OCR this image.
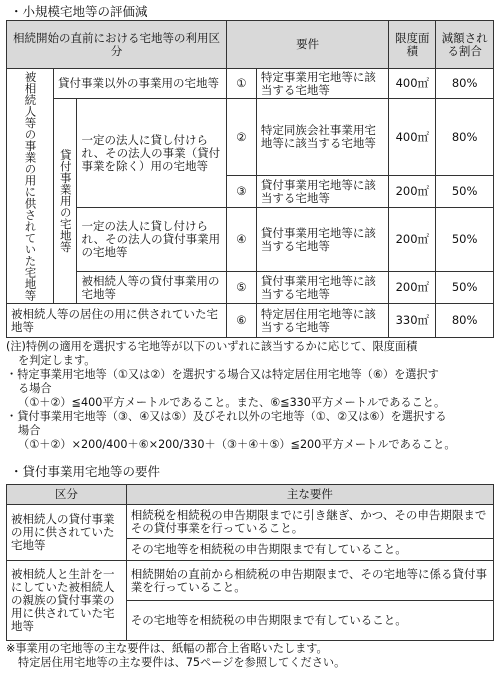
・小規模宅地等の評価減
相続開始の直前における宅地等の利用区分			要件		限度面積	減額される割合
被相続人等の事業の用に供されていた宅地等	貸付事業以外の事業用の宅地等		①	特定事業用宅地等に該当する宅地等	400㎡	80%
	貸付事業用の宅地等	一定の法人に貸し付けられ、その法人の事業（貸付事業を除く）用の宅地等	②	特定同族会社事業用宅地等に該当する宅地等	400㎡	80%
			③	貸付事業用宅地等に該当する宅地等	200㎡	50%
		一定の法人に貸し付けられ、その法人の貸付事業用の宅地等	④	貸付事業用宅地等に該当する宅地等	200㎡	50%
		被相続人等の貸付事業用の宅地等	⑤	貸付事業用宅地等に該当する宅地等	200㎡	50%
被相続人等の居住の用に供されていた宅地等			⑥	特定居住用宅地等に該当する宅地等	330㎡	80%

(注)特例の適用を選択する宅地等が以下のいずれに該当するかに応じて、限度面積

を判定します。

・特定事業用宅地等（①又は②）を選択する場合又は特定居住用宅地等（⑥）を選択す

る場合

（①＋②）≦400平方メートルであること。また、⑥≦330平方メートルであること。

・貸付事業用宅地等（③、④又は⑤）及びそれ以外の宅地等（①、②又は⑥）を選択する

場合

（①＋②）×200/400＋⑥×200/330＋（③＋④＋⑤）≦200平方メートルであること。

・貸付事業用宅地等の要件
区分	主な要件
被相続人の貸付事業の用に供されていた宅地等	相続税を相続税の申告期限までに引き継ぎ、かつ、その申告期限までその貸付事業を行っていること。
	その宅地等を相続税の申告期限まで有していること。
被相続人と生計を一にしていた被相続人の親族の貸付事業の用に供されていた宅地等	相続開始の直前から相続税の申告期限まで、その宅地等に係る貸付事業を行っていること。
	その宅地等を相続税の申告期限まで有していること。

※事業用の宅地等の主な要件は、紙幅の都合上省略いたします。

特定居住用宅地等の主な要件は、75ページを参照してください。
